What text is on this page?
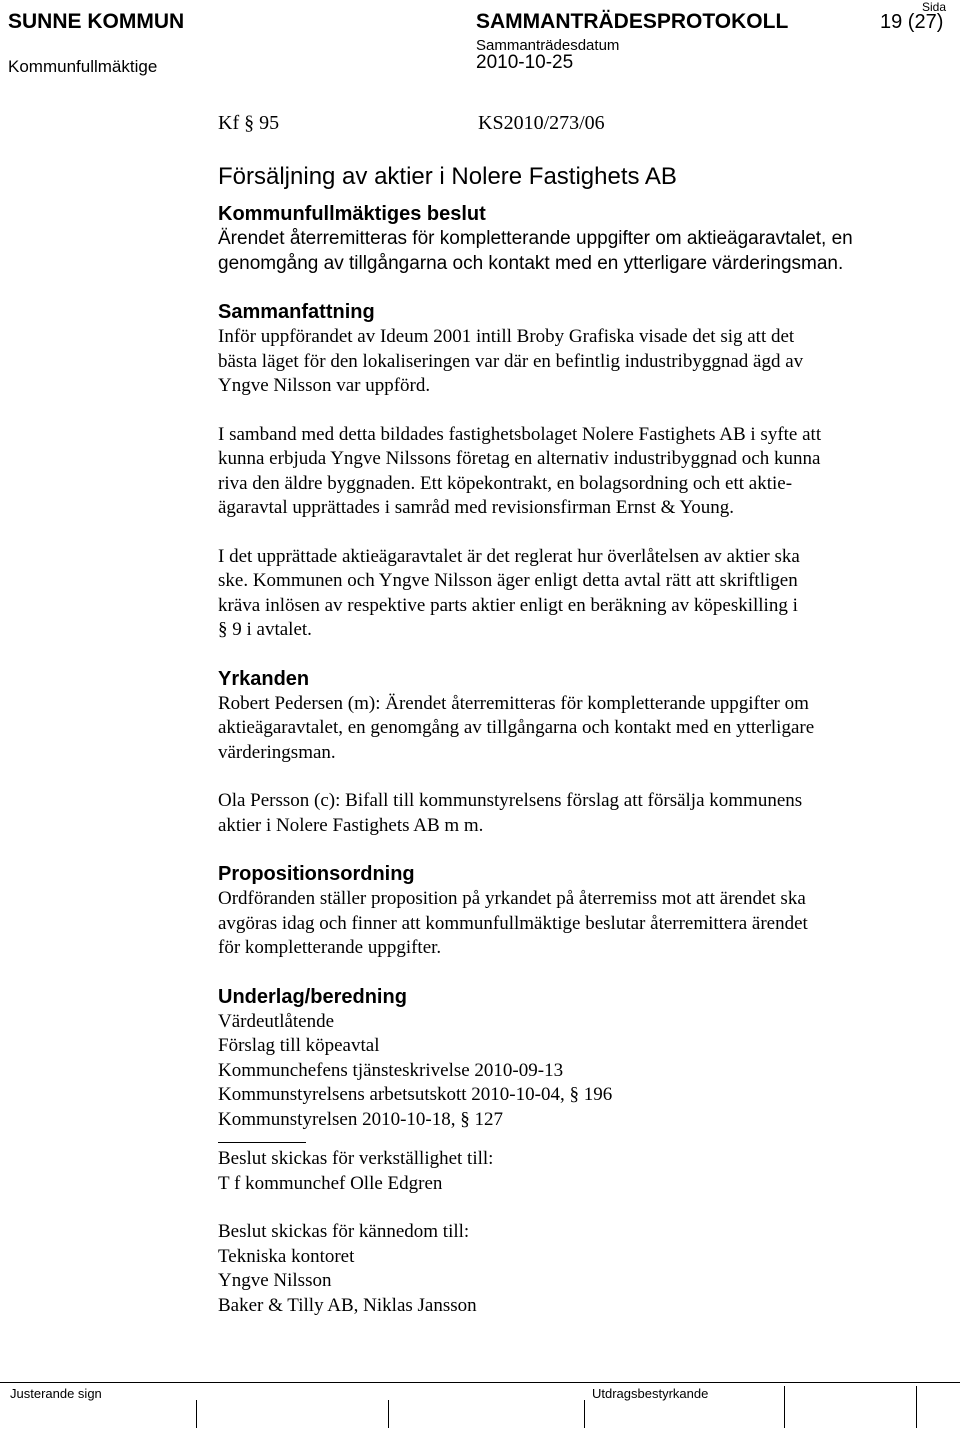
SUNNE KOMMUN
Kommunfullmäktige
SAMMANTRÄDESPROTOKOLL
Sammanträdesdatum
2010-10-25
Sida
19 (27)
Kf § 95	KS2010/273/06
Försäljning av aktier i Nolere Fastighets AB
Kommunfullmäktiges beslut
Ärendet återremitteras för kompletterande uppgifter om aktieägaravtalet, en
genomgång av tillgångarna och kontakt med en ytterligare värderingsman.
Sammanfattning
Inför uppförandet av Ideum 2001 intill Broby Grafiska visade det sig att det
bästa läget för den lokaliseringen var där en befintlig industribyggnad ägd av
Yngve Nilsson var uppförd.
I samband med detta bildades fastighetsbolaget Nolere Fastighets AB i syfte att
kunna erbjuda Yngve Nilssons företag en alternativ industribyggnad och kunna
riva den äldre byggnaden. Ett köpekontrakt, en bolagsordning och ett aktie-
ägaravtal upprättades i samråd med revisionsfirman Ernst & Young.
I det upprättade aktieägaravtalet är det reglerat hur överlåtelsen av aktier ska
ske. Kommunen och Yngve Nilsson äger enligt detta avtal rätt att skriftligen
kräva inlösen av respektive parts aktier enligt en beräkning av köpeskilling i
§ 9 i avtalet.
Yrkanden
Robert Pedersen (m): Ärendet återremitteras för kompletterande uppgifter om
aktieägaravtalet, en genomgång av tillgångarna och kontakt med en ytterligare
värderingsman.
Ola Persson (c): Bifall till kommunstyrelsens förslag att försälja kommunens
aktier i Nolere Fastighets AB m m.
Propositionsordning
Ordföranden ställer proposition på yrkandet på återremiss mot att ärendet ska
avgöras idag och finner att kommunfullmäktige beslutar återremittera ärendet
för kompletterande uppgifter.
Underlag/beredning
Värdeutlåtende
Förslag till köpeavtal
Kommunchefens tjänsteskrivelse 2010-09-13
Kommunstyrelsens arbetsutskott 2010-10-04, § 196
Kommunstyrelsen 2010-10-18, § 127
Beslut skickas för verkställighet till:
T f kommunchef Olle Edgren
Beslut skickas för kännedom till:
Tekniska kontoret
Yngve Nilsson
Baker & Tilly AB, Niklas Jansson
Justerande sign	Utdragsbestyrkande
